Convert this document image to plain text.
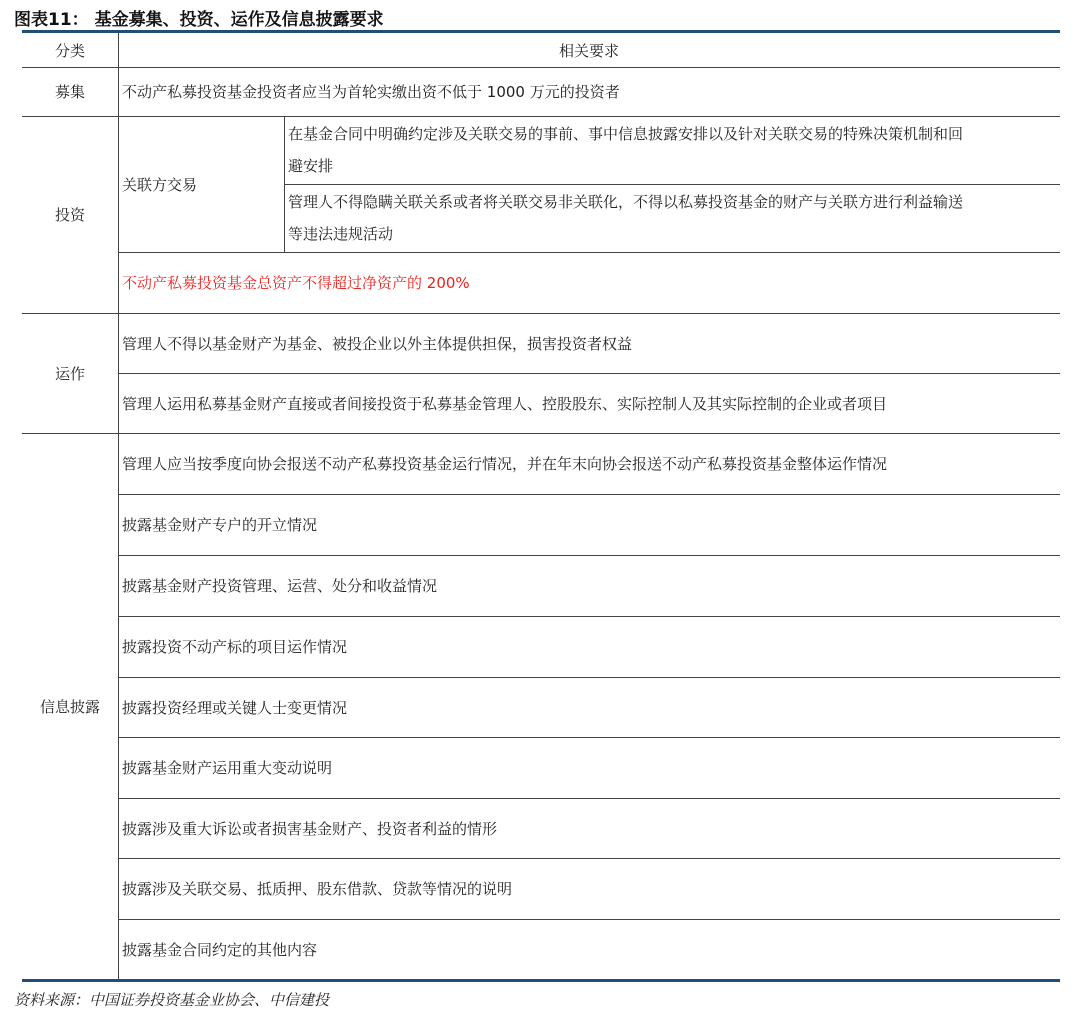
图表11： 基金募集、投资、运作及信息披露要求
分类	相关要求
募集	不动产私募投资基金投资者应当为首轮实缴出资不低于 1000 万元的投资者
投资
关联方交易
在基金合同中明确约定涉及关联交易的事前、事中信息披露安排以及针对关联交易的特殊决策机制和回
避安排
管理人不得隐瞒关联关系或者将关联交易非关联化，不得以私募投资基金的财产与关联方进行利益输送
等违法违规活动
不动产私募投资基金总资产不得超过净资产的 200%
运作
管理人不得以基金财产为基金、被投企业以外主体提供担保，损害投资者权益
管理人运用私募基金财产直接或者间接投资于私募基金管理人、控股股东、实际控制人及其实际控制的企业或者项目
信息披露
管理人应当按季度向协会报送不动产私募投资基金运行情况，并在年末向协会报送不动产私募投资基金整体运作情况
披露基金财产专户的开立情况
披露基金财产投资管理、运营、处分和收益情况
披露投资不动产标的项目运作情况
披露投资经理或关键人士变更情况
披露基金财产运用重大变动说明
披露涉及重大诉讼或者损害基金财产、投资者利益的情形
披露涉及关联交易、抵质押、股东借款、贷款等情况的说明
披露基金合同约定的其他内容
资料来源：中国证券投资基金业协会、中信建投
